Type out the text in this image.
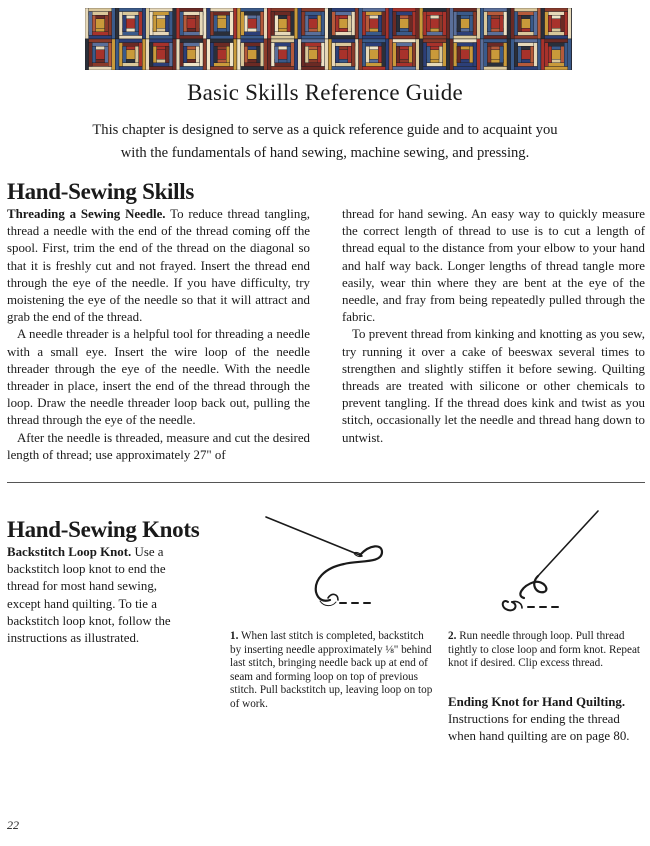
Basic Skills Reference Guide
This chapter is designed to serve as a quick reference guide and to acquaint you
with the fundamentals of hand sewing, machine sewing, and pressing.
Hand-Sewing Skills

Threading a Sewing Needle. To reduce thread tangling, thread a needle with the end of the thread coming off the spool. First, trim the end of the thread on the diagonal so that it is freshly cut and not frayed. Insert the thread end through the eye of the needle. If you have difficulty, try moistening the eye of the needle so that it will attract and grab the end of the thread.

A needle threader is a helpful tool for threading a needle with a small eye. Insert the wire loop of the needle threader through the eye of the needle. With the needle threader in place, insert the end of the thread through the loop. Draw the needle threader loop back out, pulling the thread through the eye of the needle.

After the needle is threaded, measure and cut the desired length of thread; use approximately 27" of

thread for hand sewing. An easy way to quickly measure the correct length of thread to use is to cut a length of thread equal to the distance from your elbow to your hand and half way back. Longer lengths of thread tangle more easily, wear thin where they are bent at the eye of the needle, and fray from being repeatedly pulled through the fabric.

To prevent thread from kinking and knotting as you sew, try running it over a cake of beeswax several times to strengthen and slightly stiffen it before sewing. Quilting threads are treated with silicone or other chemicals to prevent tangling. If the thread does kink and twist as you stitch, occasionally let the needle and thread hang down to untwist.

Hand-Sewing Knots

Backstitch Loop Knot. Use a backstitch loop knot to end the thread for most hand sewing, except hand quilting. To tie a backstitch loop knot, follow the instructions as illustrated.	1. When last stitch is completed, backstitch by inserting needle approximately ⅛" behind last stitch, bringing needle back up at end of seam and forming loop on top of previous stitch. Pull backstitch up, leaving loop on top of work.
2. Run needle through loop. Pull thread tightly to close loop and form knot. Repeat knot if desired. Clip excess thread.
Ending Knot for Hand Quilting.
Instructions for ending the thread when hand quilting are on page 80.
22
